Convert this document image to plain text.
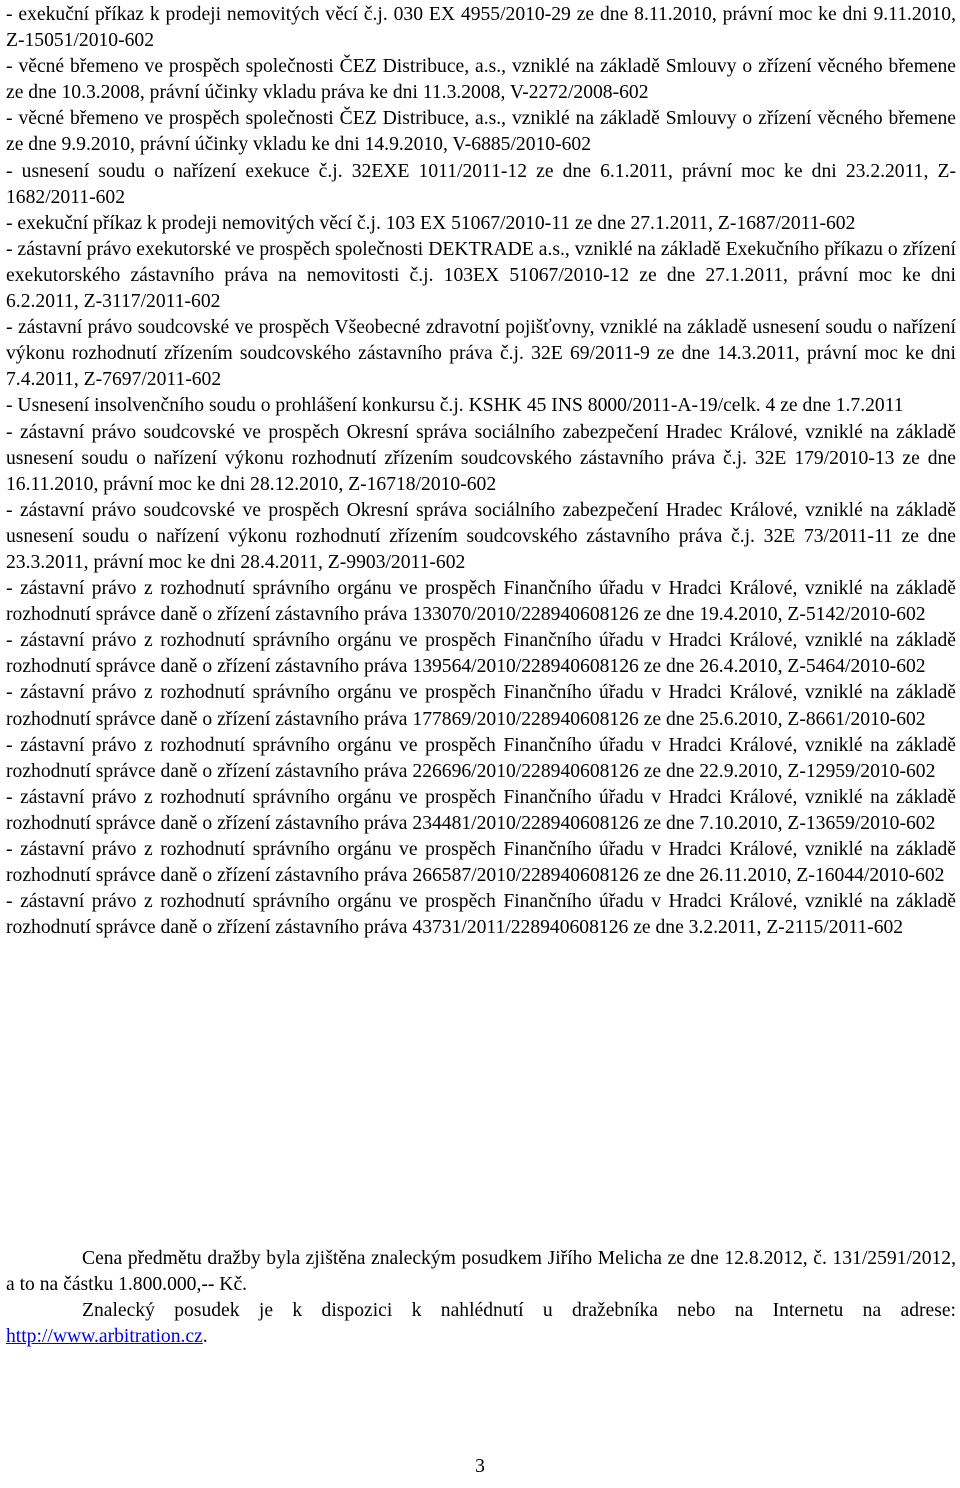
- exekuční příkaz k prodeji nemovitých věcí č.j. 030 EX 4955/2010-29 ze dne 8.11.2010, právní moc ke dni 9.11.2010, Z-15051/2010-602

- věcné břemeno ve prospěch společnosti ČEZ Distribuce, a.s., vzniklé na základě Smlouvy o zřízení věcného břemene ze dne 10.3.2008, právní účinky vkladu práva ke dni 11.3.2008, V-2272/2008-602

- věcné břemeno ve prospěch společnosti ČEZ Distribuce, a.s., vzniklé na základě Smlouvy o zřízení věcného břemene ze dne 9.9.2010, právní účinky vkladu ke dni 14.9.2010, V-6885/2010-602

- usnesení soudu o nařízení exekuce č.j. 32EXE 1011/2011-12 ze dne 6.1.2011, právní moc ke dni 23.2.2011, Z-1682/2011-602

- exekuční příkaz k prodeji nemovitých věcí č.j. 103 EX 51067/2010-11 ze dne 27.1.2011, Z-1687/2011-602

- zástavní právo exekutorské ve prospěch společnosti DEKTRADE a.s., vzniklé na základě Exekučního příkazu o zřízení exekutorského zástavního práva na nemovitosti č.j. 103EX 51067/2010-12 ze dne 27.1.2011, právní moc ke dni 6.2.2011, Z-3117/2011-602

- zástavní právo soudcovské ve prospěch Všeobecné zdravotní pojišťovny, vzniklé na základě usnesení soudu o nařízení výkonu rozhodnutí zřízením soudcovského zástavního práva č.j. 32E 69/2011-9 ze dne 14.3.2011, právní moc ke dni 7.4.2011, Z-7697/2011-602

- Usnesení insolvenčního soudu o prohlášení konkursu č.j. KSHK 45 INS 8000/2011-A-19/celk. 4 ze dne 1.7.2011

- zástavní právo soudcovské ve prospěch Okresní správa sociálního zabezpečení Hradec Králové, vzniklé na základě usnesení soudu o nařízení výkonu rozhodnutí zřízením soudcovského zástavního práva č.j. 32E 179/2010-13 ze dne 16.11.2010, právní moc ke dni 28.12.2010, Z-16718/2010-602

- zástavní právo soudcovské ve prospěch Okresní správa sociálního zabezpečení Hradec Králové, vzniklé na základě usnesení soudu o nařízení výkonu rozhodnutí zřízením soudcovského zástavního práva č.j. 32E 73/2011-11 ze dne 23.3.2011, právní moc ke dni 28.4.2011, Z-9903/2011-602

- zástavní právo z rozhodnutí správního orgánu ve prospěch Finančního úřadu v Hradci Králové, vzniklé na základě rozhodnutí správce daně o zřízení zástavního práva 133070/2010/228940608126 ze dne 19.4.2010, Z-5142/2010-602

- zástavní právo z rozhodnutí správního orgánu ve prospěch Finančního úřadu v Hradci Králové, vzniklé na základě rozhodnutí správce daně o zřízení zástavního práva 139564/2010/228940608126 ze dne 26.4.2010, Z-5464/2010-602

- zástavní právo z rozhodnutí správního orgánu ve prospěch Finančního úřadu v Hradci Králové, vzniklé na základě rozhodnutí správce daně o zřízení zástavního práva 177869/2010/228940608126 ze dne 25.6.2010, Z-8661/2010-602

- zástavní právo z rozhodnutí správního orgánu ve prospěch Finančního úřadu v Hradci Králové, vzniklé na základě rozhodnutí správce daně o zřízení zástavního práva 226696/2010/228940608126 ze dne 22.9.2010, Z-12959/2010-602

- zástavní právo z rozhodnutí správního orgánu ve prospěch Finančního úřadu v Hradci Králové, vzniklé na základě rozhodnutí správce daně o zřízení zástavního práva 234481/2010/228940608126 ze dne 7.10.2010, Z-13659/2010-602

- zástavní právo z rozhodnutí správního orgánu ve prospěch Finančního úřadu v Hradci Králové, vzniklé na základě rozhodnutí správce daně o zřízení zástavního práva 266587/2010/228940608126 ze dne 26.11.2010, Z-16044/2010-602

- zástavní právo z rozhodnutí správního orgánu ve prospěch Finančního úřadu v Hradci Králové, vzniklé na základě rozhodnutí správce daně o zřízení zástavního práva 43731/2011/228940608126 ze dne 3.2.2011, Z-2115/2011-602

Cena předmětu dražby byla zjištěna znaleckým posudkem Jiřího Melicha ze dne 12.8.2012, č. 131/2591/2012, a to na částku 1.800.000,-- Kč.

Znalecký posudek je k dispozici k nahlédnutí u dražebníka nebo na Internetu na adrese: http://www.arbitration.cz.

3
